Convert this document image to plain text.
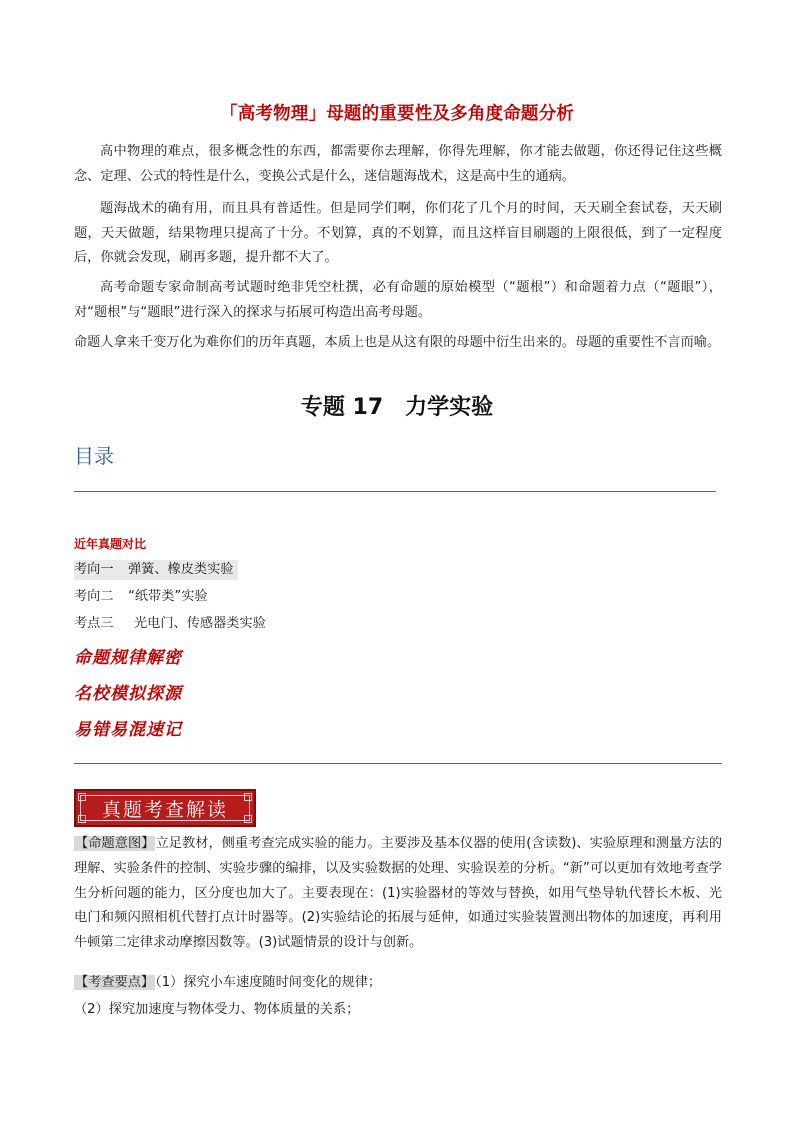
「高考物理」母题的重要性及多角度命题分析
高中物理的难点，很多概念性的东西，都需要你去理解，你得先理解，你才能去做题，你还得记住这些概念、定理、公式的特性是什么，变换公式是什么，迷信题海战术，这是高中生的通病。
题海战术的确有用，而且具有普适性。但是同学们啊，你们花了几个月的时间，天天刷全套试卷，天天刷题，天天做题，结果物理只提高了十分。不划算，真的不划算，而且这样盲目刷题的上限很低，到了一定程度后，你就会发现，刷再多题，提升都不大了。
高考命题专家命制高考试题时绝非凭空杜撰，必有命题的原始模型（“题根”）和命题着力点（“题眼”），对“题根”与“题眼”进行深入的探求与拓展可构造出高考母题。
命题人拿来千变万化为难你们的历年真题，本质上也是从这有限的母题中衍生出来的。母题的重要性不言而喻。
专题 17　力学实验
目录
近年真题对比
考向一 弹簧、橡皮类实验
考向二 “纸带类”实验
考点三 光电门、传感器类实验
命题规律解密
名校模拟探源
易错易混速记
真题考查解读
【命题意图】立足教材，侧重考查完成实验的能力。主要涉及基本仪器的使用(含读数)、实验原理和测量方法的理解、实验条件的控制、实验步骤的编排，以及实验数据的处理、实验误差的分析。“新”可以更加有效地考查学生分析问题的能力，区分度也加大了。主要表现在：(1)实验器材的等效与替换，如用气垫导轨代替长木板、光电门和频闪照相机代替打点计时器等。(2)实验结论的拓展与延伸，如通过实验装置测出物体的加速度，再利用牛顿第二定律求动摩擦因数等。(3)试题情景的设计与创新。
【考查要点】（1）探究小车速度随时间变化的规律；
（2）探究加速度与物体受力、物体质量的关系；
